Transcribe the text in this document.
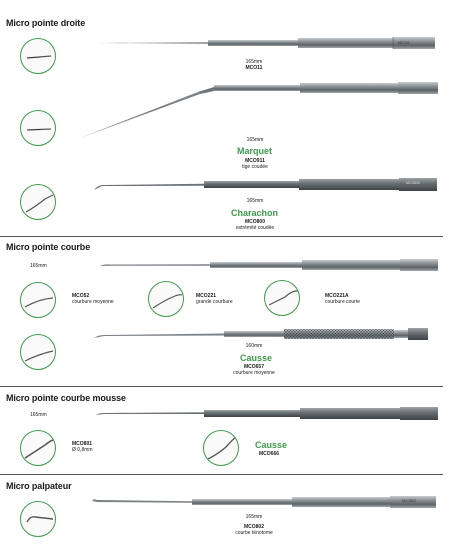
Micro pointe droite
MCO11
165mm
MCO11
165mm
Marquet
MCO911
tige coudée
MCO800
165mm
Charachon
MCO800
extrémité coudée
Micro pointe courbe
165mm
MCO52
courbure moyenne
MCO221
grande courbure
MCO221A
courbure courte
160mm
Causse
MCO657
courbure moyenne
Micro pointe courbe mousse
165mm
MCO801
Ø 0,8mm	Causse
MCO666
Micro palpateur
MCO802
165mm
MCO802
courbe ténotome
